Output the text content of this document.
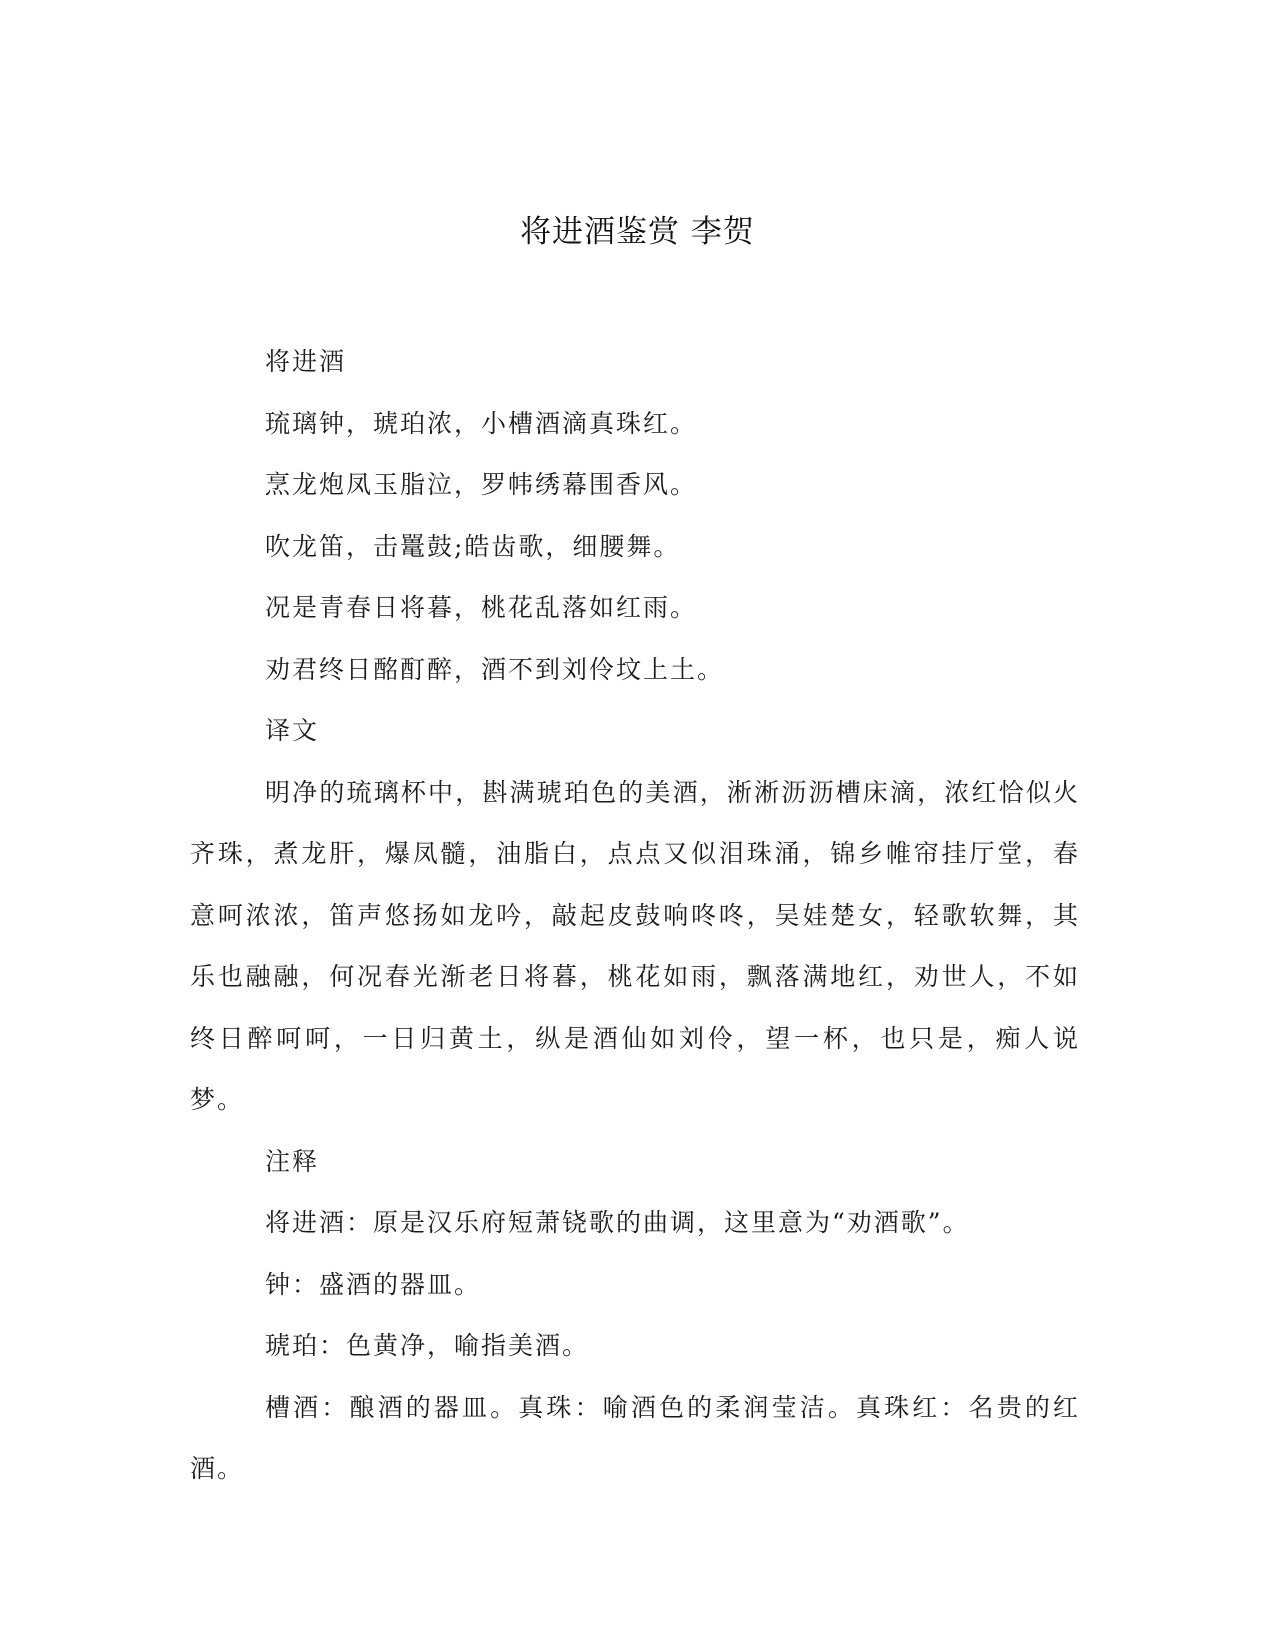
将进酒鉴赏 李贺

将进酒

琉璃钟，琥珀浓，小槽酒滴真珠红。

烹龙炮凤玉脂泣，罗帏绣幕围香风。

吹龙笛，击鼍鼓;皓齿歌，细腰舞。

况是青春日将暮，桃花乱落如红雨。

劝君终日酩酊醉，酒不到刘伶坟上土。

译文

明净的琉璃杯中，斟满琥珀色的美酒，淅淅沥沥槽床滴，浓红恰似火齐珠，煮龙肝，爆凤髓，油脂白，点点又似泪珠涌，锦乡帷帘挂厅堂，春意呵浓浓，笛声悠扬如龙吟，敲起皮鼓响咚咚，吴娃楚女，轻歌软舞，其乐也融融，何况春光渐老日将暮，桃花如雨，飘落满地红，劝世人，不如终日醉呵呵，一日归黄土，纵是酒仙如刘伶，望一杯，也只是，痴人说梦。

注释

将进酒：原是汉乐府短萧铙歌的曲调，这里意为“劝酒歌”。

钟：盛酒的器皿。

琥珀：色黄净，喻指美酒。

槽酒：酿酒的器皿。真珠：喻酒色的柔润莹洁。真珠红：名贵的红酒。
